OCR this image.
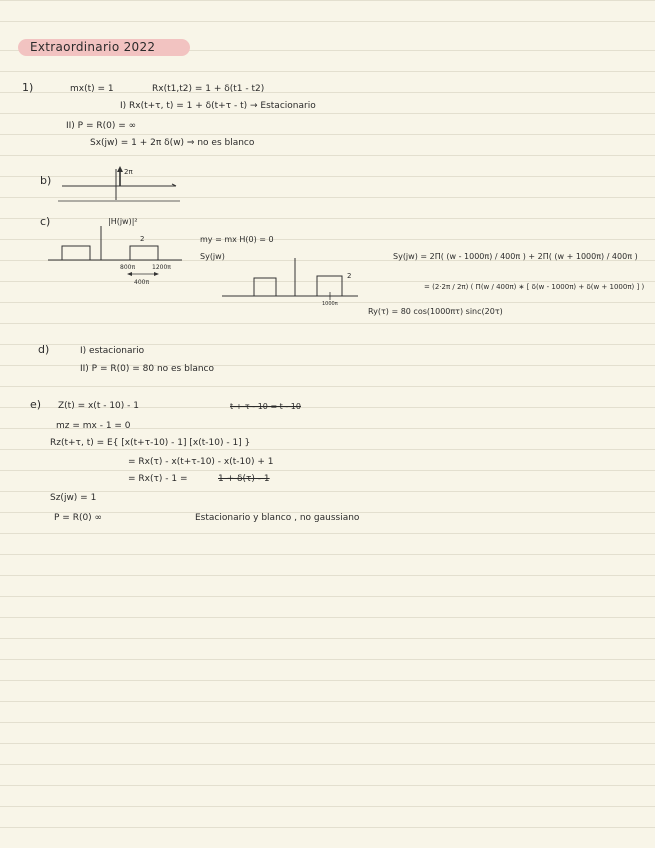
Extraordinario 2022
1)	mx(t) = 1	Rx(t1,t2) = 1 + δ(t1 - t2)
I) Rx(t+τ, t) = 1 + δ(t+τ - t) → Estacionario
II) P = R(0) = ∞
Sx(jw) = 1 + 2π δ(w) ⇒ no es blanco
b)
2π
c)	|H(jw)|²
2
800π	1200π
400π
my = mx H(0) = 0
Sy(jw)
2
1000π
Sy(jw) = 2Π( (w - 1000π) / 400π ) + 2Π( (w + 1000π) / 400π )
= (2·2π / 2π) ( Π(w / 400π) ∗ [ δ(w - 1000π) + δ(w + 1000π) ] )
Ry(τ) = 80 cos(1000πτ) sinc(20τ)
d)	I) estacionario
II) P = R(0) = 80 no es blanco
e) Z(t) = x(t - 10) - 1	t + τ - 10 = t - 10
mz = mx - 1 = 0
Rz(t+τ, t) = E{ [x(t+τ-10) - 1] [x(t-10) - 1] }
= Rx(τ) - x(t+τ-10) - x(t-10) + 1
= Rx(τ) - 1 =	1 + δ(τ) - 1
Sz(jw) = 1
P = R(0) ∞	Estacionario y blanco , no gaussiano
